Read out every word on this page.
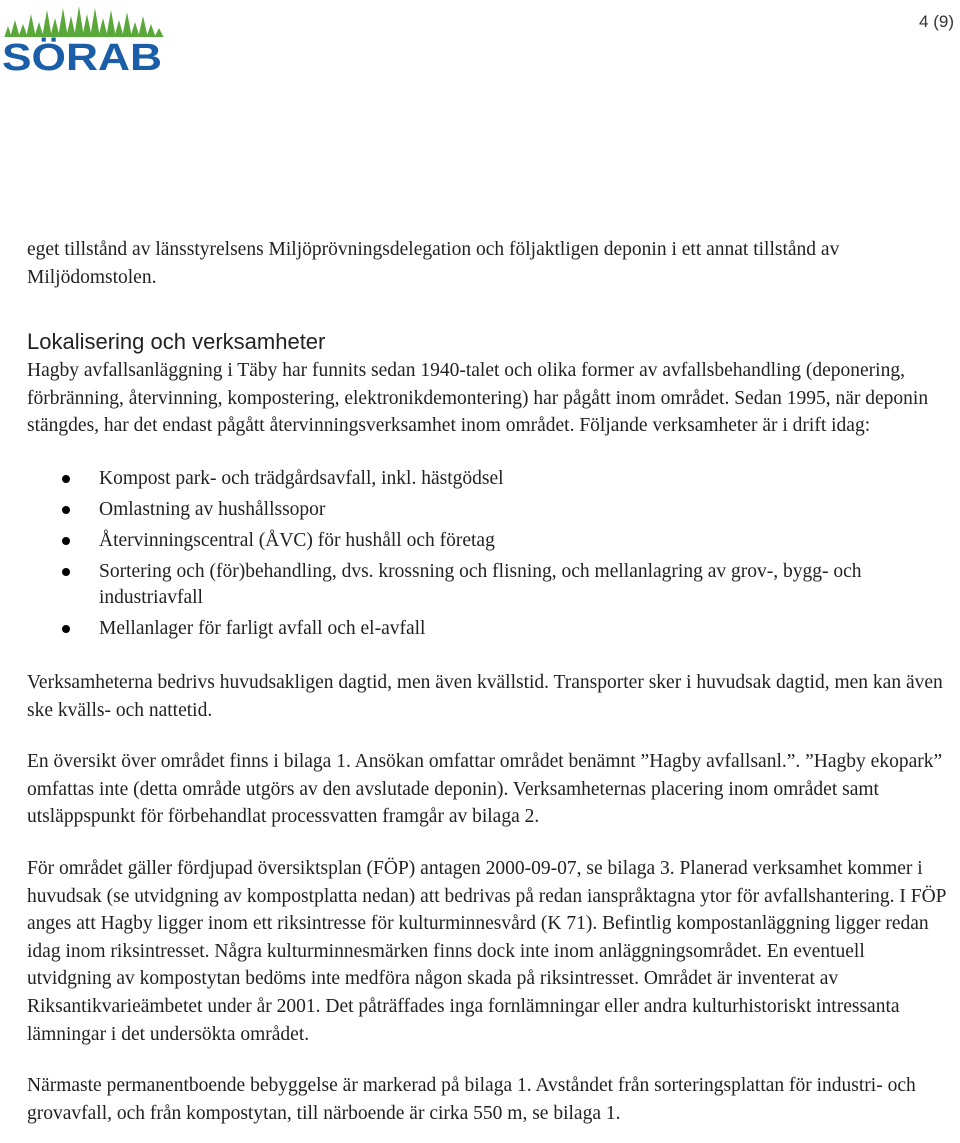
SÖRAB
4 (9)

eget tillstånd av länsstyrelsens Miljöprövningsdelegation och följaktligen deponin i ett annat tillstånd av Miljödomstolen.

Lokalisering och verksamheter

Hagby avfallsanläggning i Täby har funnits sedan 1940-talet och olika former av avfallsbehandling (deponering, förbränning, återvinning, kompostering, elektronikdemontering) har pågått inom området. Sedan 1995, när deponin stängdes, har det endast pågått återvinningsverksamhet inom området. Följande verksamheter är i drift idag:

Kompost park- och trädgårdsavfall, inkl. hästgödsel
Omlastning av hushållssopor
Återvinningscentral (ÅVC) för hushåll och företag
Sortering och (för)behandling, dvs. krossning och flisning, och mellanlagring av grov-, bygg- och industriavfall
Mellanlager för farligt avfall och el-avfall

Verksamheterna bedrivs huvudsakligen dagtid, men även kvällstid. Transporter sker i huvudsak dagtid, men kan även ske kvälls- och nattetid.

En översikt över området finns i bilaga 1. Ansökan omfattar området benämnt ”Hagby avfallsanl.”. ”Hagby ekopark” omfattas inte (detta område utgörs av den avslutade deponin). Verksamheternas placering inom området samt utsläppspunkt för förbehandlat processvatten framgår av bilaga 2.

För området gäller fördjupad översiktsplan (FÖP) antagen 2000-09-07, se bilaga 3. Planerad verksamhet kommer i huvudsak (se utvidgning av kompostplatta nedan) att bedrivas på redan ianspråktagna ytor för avfallshantering. I FÖP anges att Hagby ligger inom ett riksintresse för kulturminnesvård (K 71). Befintlig kompostanläggning ligger redan idag inom riksintresset. Några kulturminnesmärken finns dock inte inom anläggningsområdet. En eventuell utvidgning av kompostytan bedöms inte medföra någon skada på riksintresset. Området är inventerat av Riksantikvarieämbetet under år 2001. Det påträffades inga fornlämningar eller andra kulturhistoriskt intressanta lämningar i det undersökta området.

Närmaste permanentboende bebyggelse är markerad på bilaga 1. Avståndet från sorteringsplattan för industri- och grovavfall, och från kompostytan, till närboende är cirka 550 m, se bilaga 1.
